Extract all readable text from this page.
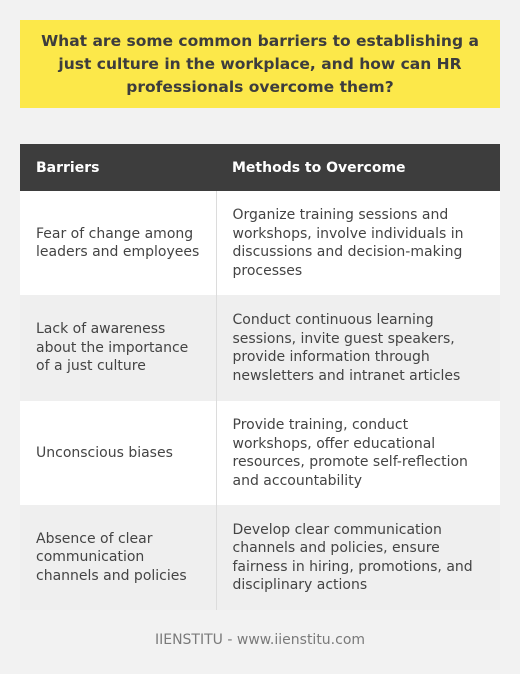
What are some common barriers to establishing a just culture in the workplace, and how can HR professionals overcome them?
Barriers	Methods to Overcome
Fear of change among leaders and employees	Organize training sessions and workshops, involve individuals in discussions and decision-making processes
Lack of awareness about the importance of a just culture	Conduct continuous learning sessions, invite guest speakers, provide information through newsletters and intranet articles
Unconscious biases	Provide training, conduct workshops, offer educational resources, promote self-reflection and accountability
Absence of clear communication channels and policies	Develop clear communication channels and policies, ensure fairness in hiring, promotions, and disciplinary actions
IIENSTITU - www.iienstitu.com
